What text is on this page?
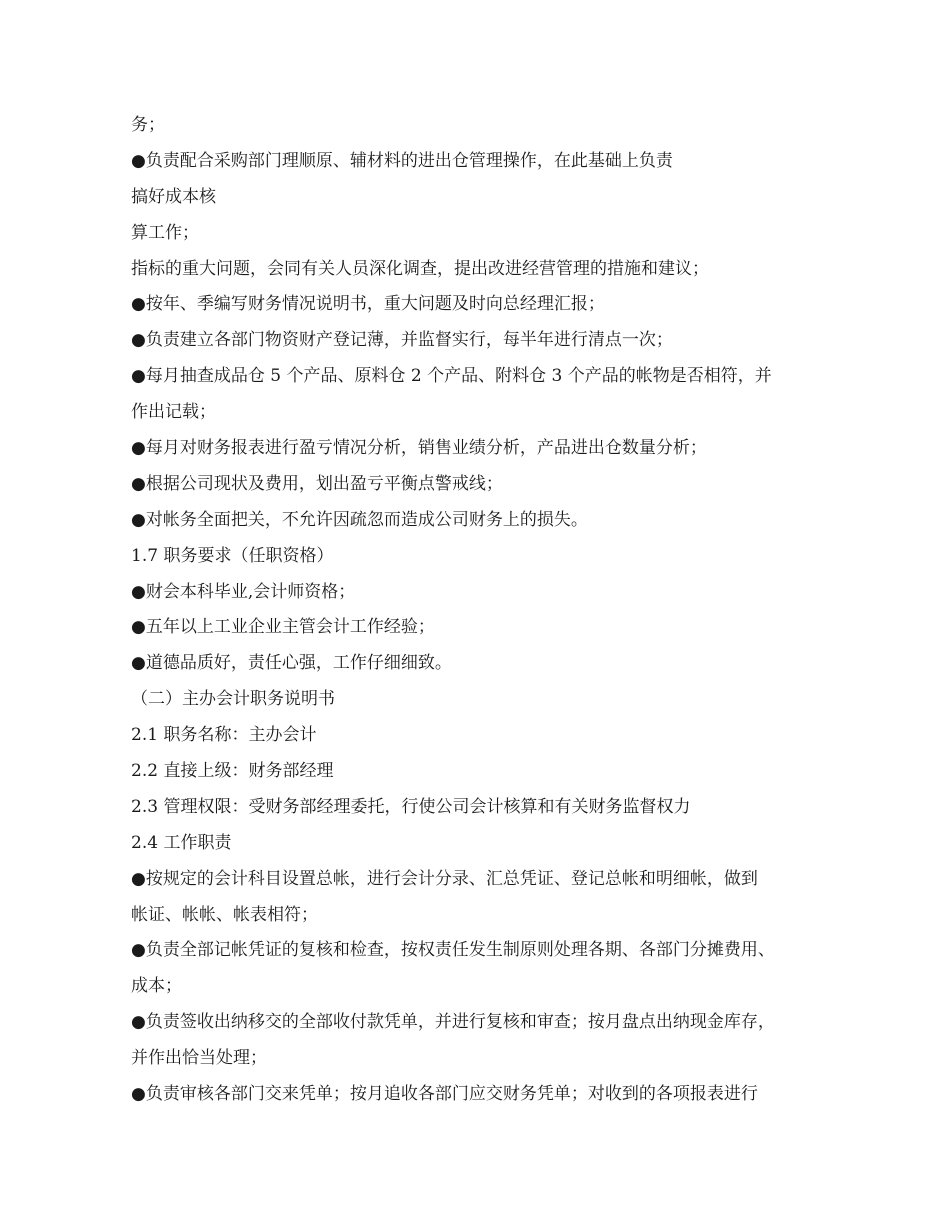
务；

●负责配合采购部门理顺原、辅材料的进出仓管理操作，在此基础上负责

搞好成本核

算工作；

指标的重大问题，会同有关人员深化调查，提出改进经营管理的措施和建议；

●按年、季编写财务情况说明书，重大问题及时向总经理汇报；

●负责建立各部门物资财产登记薄，并监督实行，每半年进行清点一次；

●每月抽查成品仓 5 个产品、原料仓 2 个产品、附料仓 3 个产品的帐物是否相符，并

作出记载；

●每月对财务报表进行盈亏情况分析，销售业绩分析，产品进出仓数量分析；

●根据公司现状及费用，划出盈亏平衡点警戒线；

●对帐务全面把关，不允许因疏忽而造成公司财务上的损失。

1.7 职务要求（任职资格）

●财会本科毕业,会计师资格；

●五年以上工业企业主管会计工作经验；

●道德品质好，责任心强，工作仔细细致。

（二）主办会计职务说明书

2.1 职务名称：主办会计

2.2 直接上级：财务部经理

2.3 管理权限：受财务部经理委托，行使公司会计核算和有关财务监督权力

2.4 工作职责

●按规定的会计科目设置总帐，进行会计分录、汇总凭证、登记总帐和明细帐，做到

帐证、帐帐、帐表相符；

●负责全部记帐凭证的复核和检查，按权责任发生制原则处理各期、各部门分摊费用、

成本；

●负责签收出纳移交的全部收付款凭单，并进行复核和审查；按月盘点出纳现金库存，

并作出恰当处理；

●负责审核各部门交来凭单；按月追收各部门应交财务凭单；对收到的各项报表进行
